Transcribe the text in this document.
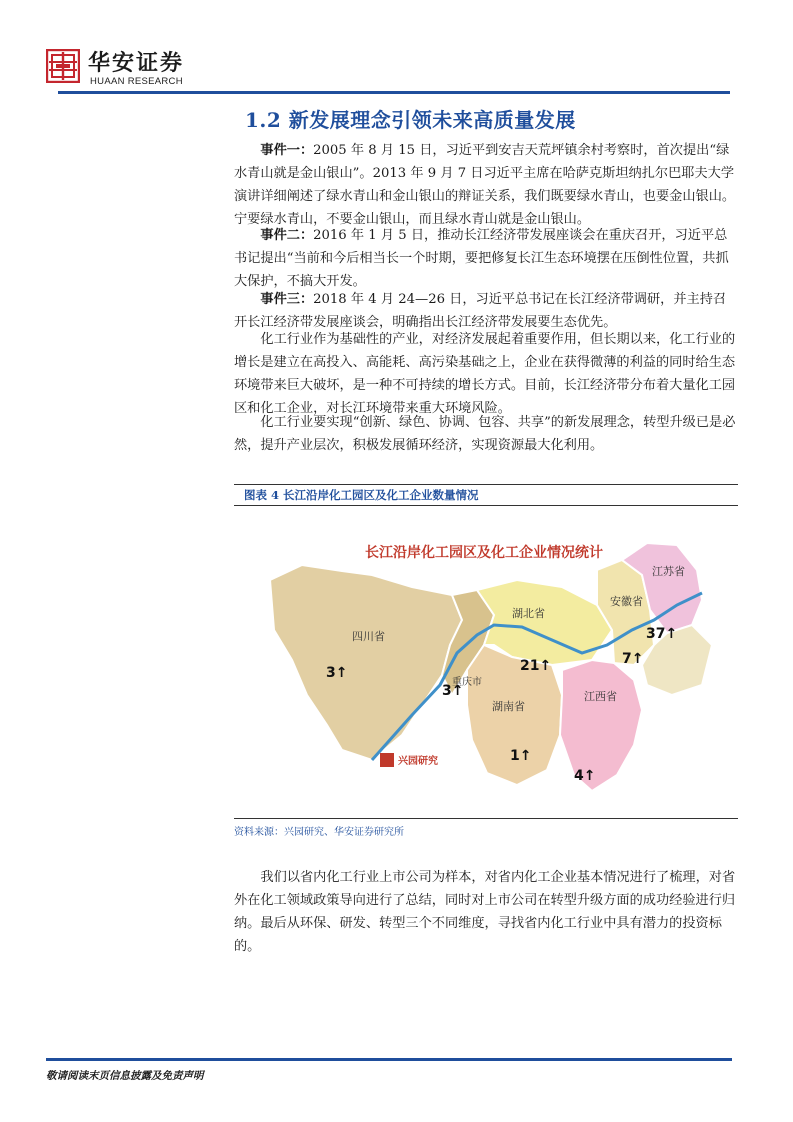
华安证券
HUAAN RESEARCH
1.2 新发展理念引领未来高质量发展

事件一：2005 年 8 月 15 日，习近平到安吉天荒坪镇余村考察时，首次提出“绿水青山就是金山银山”。2013 年 9 月 7 日习近平主席在哈萨克斯坦纳扎尔巴耶夫大学演讲详细阐述了绿水青山和金山银山的辩证关系，我们既要绿水青山，也要金山银山。宁要绿水青山，不要金山银山，而且绿水青山就是金山银山。

事件二：2016 年 1 月 5 日，推动长江经济带发展座谈会在重庆召开，习近平总书记提出“当前和今后相当长一个时期，要把修复长江生态环境摆在压倒性位置，共抓大保护，不搞大开发。

事件三：2018 年 4 月 24—26 日，习近平总书记在长江经济带调研，并主持召开长江经济带发展座谈会，明确指出长江经济带发展要生态优先。

化工行业作为基础性的产业，对经济发展起着重要作用，但长期以来，化工行业的增长是建立在高投入、高能耗、高污染基础之上，企业在获得微薄的利益的同时给生态环境带来巨大破坏，是一种不可持续的增长方式。目前，长江经济带分布着大量化工园区和化工企业，对长江环境带来重大环境风险。

化工行业要实现“创新、绿色、协调、包容、共享”的新发展理念，转型升级已是必然，提升产业层次，积极发展循环经济，实现资源最大化利用。

图表 4 长江沿岸化工园区及化工企业数量情况
长江沿岸化工园区及化工企业情况统计
四川省
重庆市
湖北省
湖南省
江西省
安徽省
江苏省
3↑
3↑
21↑
1↑
4↑
7↑
37↑
兴园研究
资料来源：兴园研究、华安证券研究所

我们以省内化工行业上市公司为样本，对省内化工企业基本情况进行了梳理，对省外在化工领域政策导向进行了总结，同时对上市公司在转型升级方面的成功经验进行归纳。最后从环保、研发、转型三个不同维度，寻找省内化工行业中具有潜力的投资标的。

敬请阅读末页信息披露及免责声明
